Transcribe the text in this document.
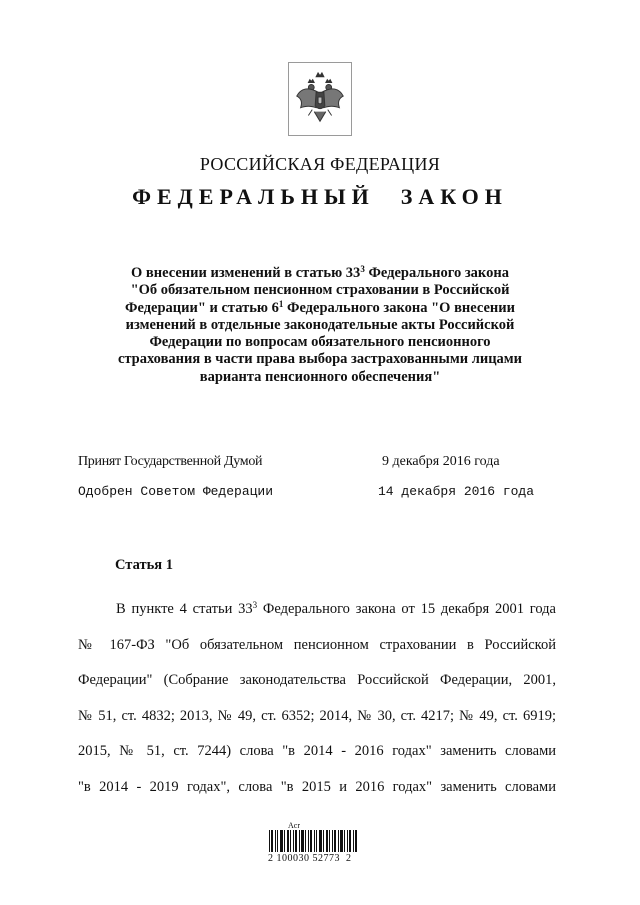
РОССИЙСКАЯ ФЕДЕРАЦИЯ
ФЕДЕРАЛЬНЫЙ ЗАКОН
О внесении изменений в статью $33^3$ Федерального закона
"Об обязательном пенсионном страховании в Российской
Федерации" и статью $6^1$ Федерального закона "О внесении
изменений в отдельные законодательные акты Российской
Федерации по вопросам обязательного пенсионного
страхования в части права выбора застрахованными лицами
варианта пенсионного обеспечения"
Принят Государственной Думой	9 декабря 2016 года
Одобрен Советом Федерации	14 декабря 2016 года
Статья 1
В пункте 4 статьи $33^3$ Федерального закона от 15 декабря 2001 года
№ 167-ФЗ "Об обязательном пенсионном страховании в Российской
Федерации" (Собрание законодательства Российской Федерации, 2001,
№ 51, ст. 4832; 2013, № 49, ст. 6352; 2014, № 30, ст. 4217; № 49, ст. 6919;
2015, № 51, ст. 7244) слова "в 2014 - 2016 годах" заменить словами
"в 2014 - 2019 годах", слова "в 2015 и 2016 годах" заменить словами
Acr
2 100030 52773  2
